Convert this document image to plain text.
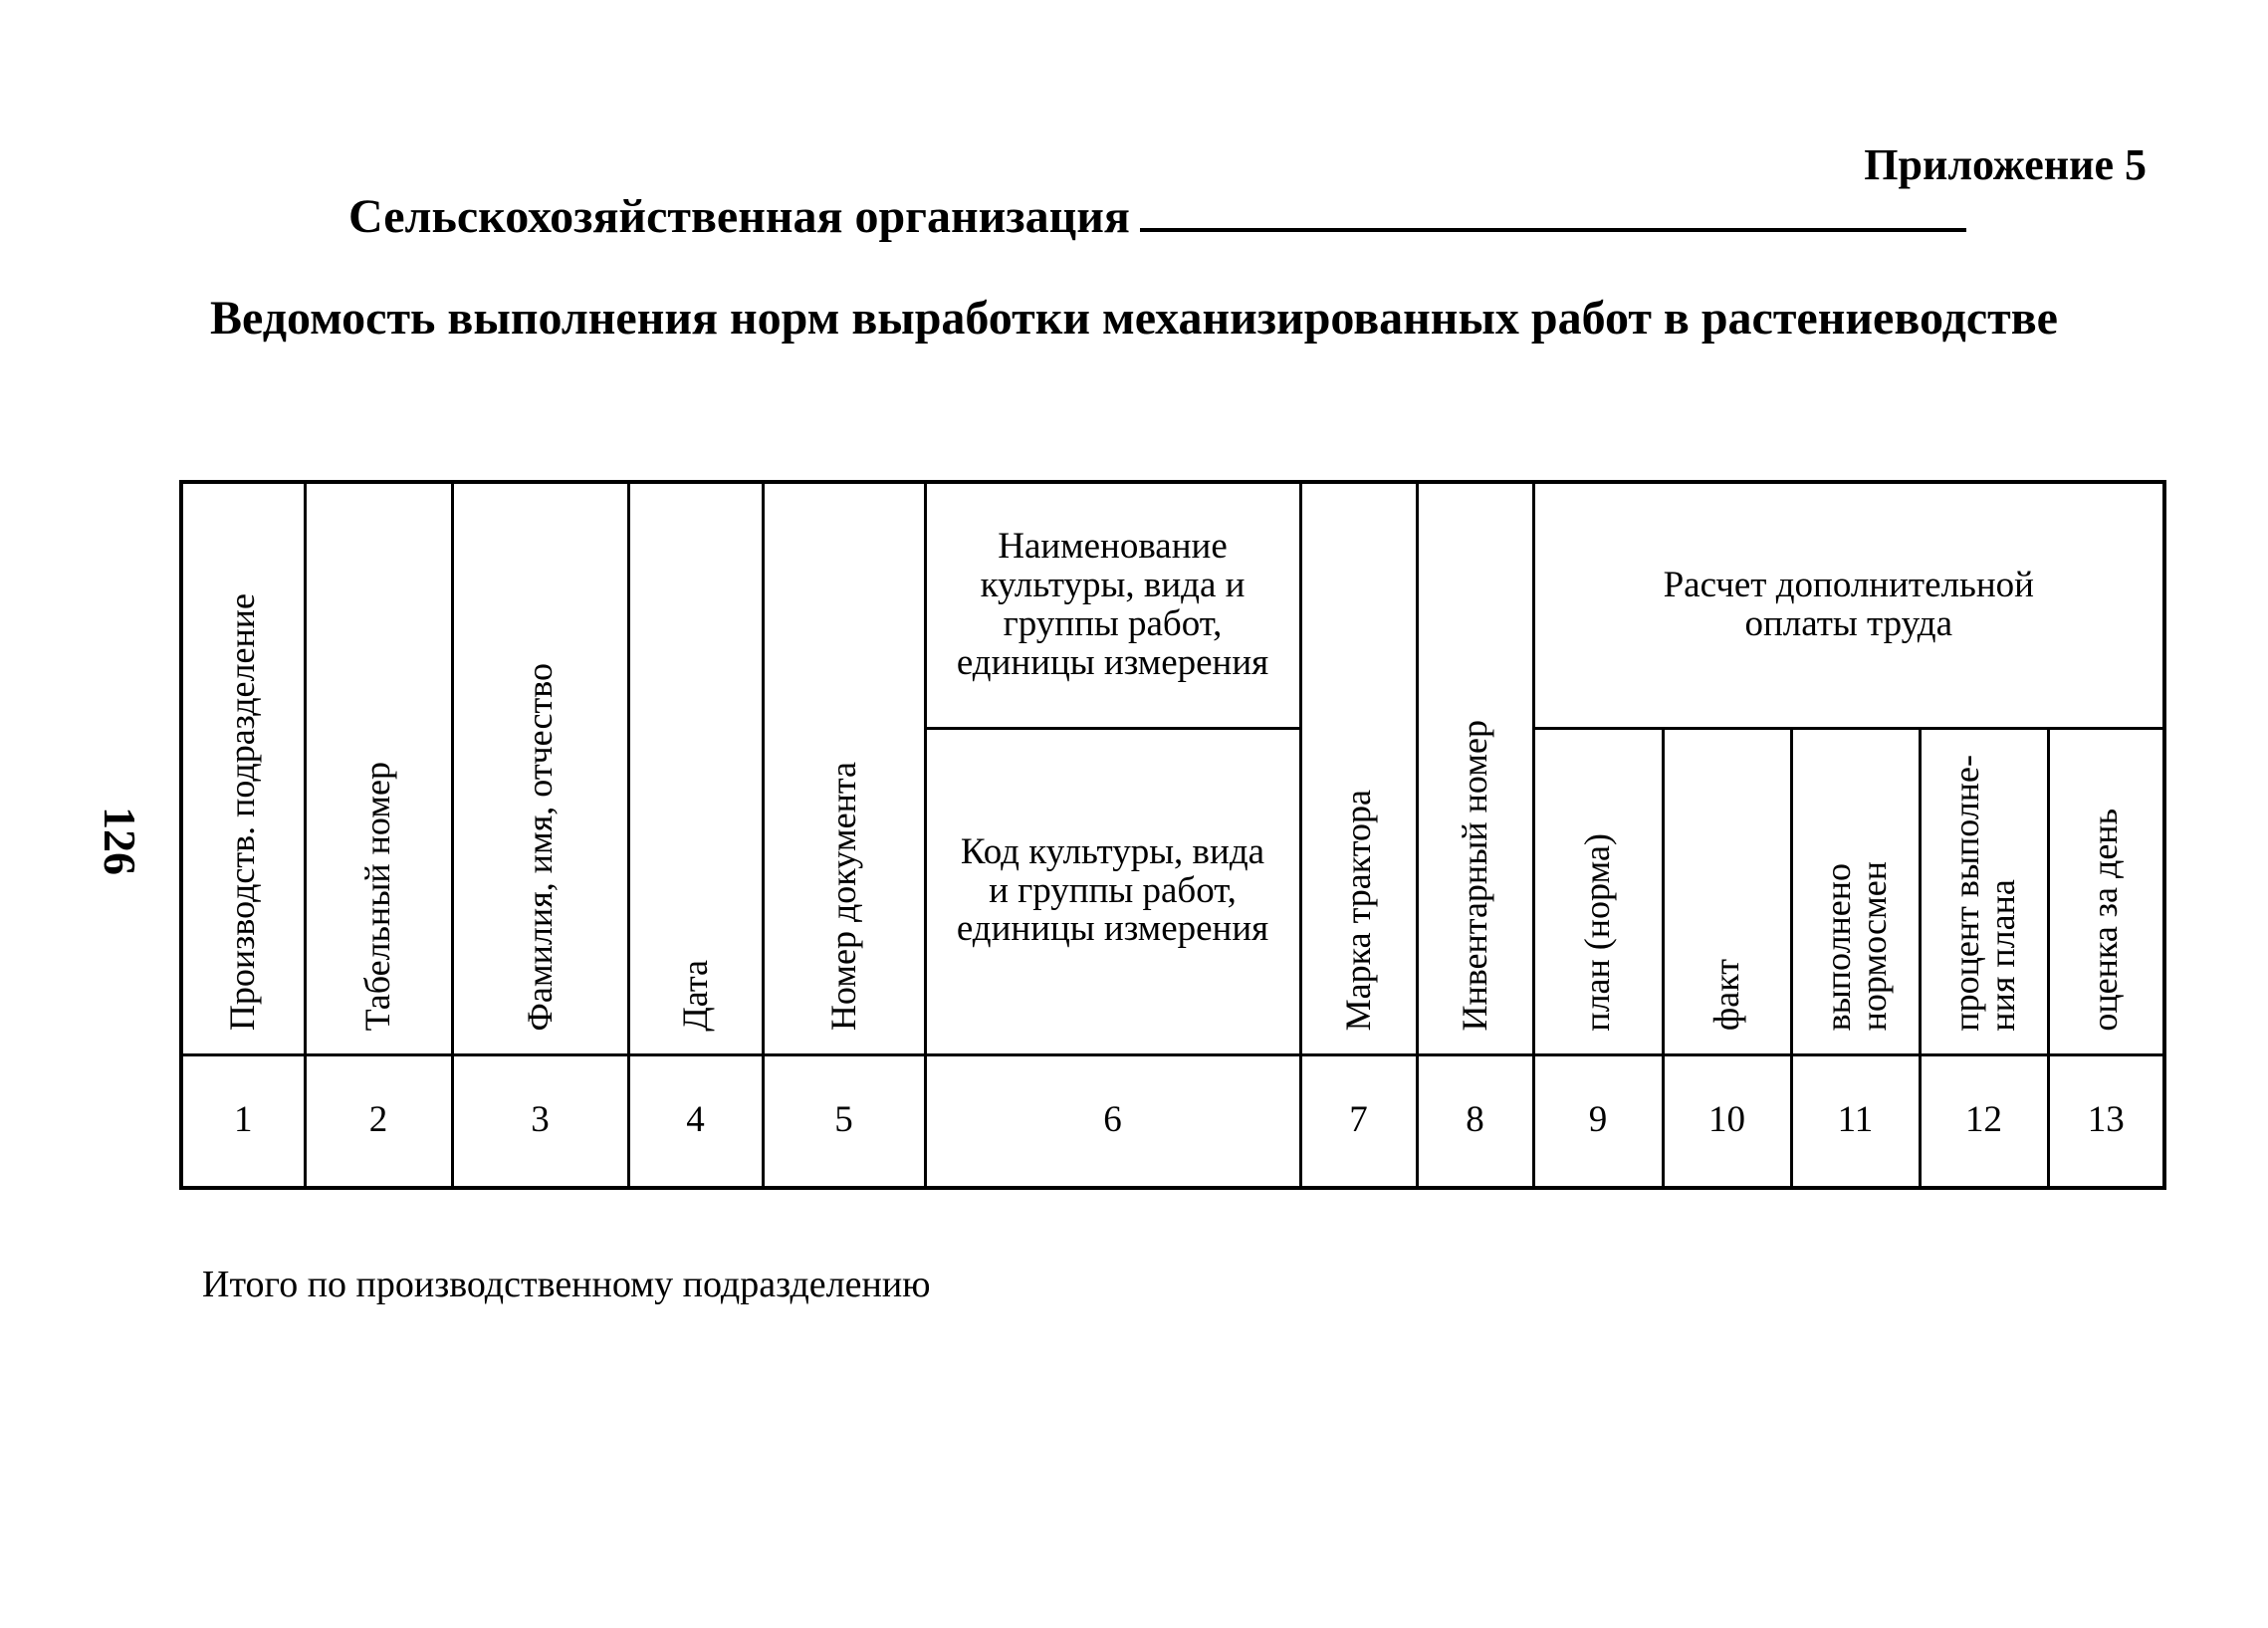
Приложение 5
Сельскохозяйственная организация
Ведомость выполнения норм выработки механизированных работ в растениеводстве
126 Производств. подразделение	Табельный номер	Фамилия, имя, отчество	Дата	Номер документа	Наименование
культуры, вида и
группы работ,
единицы измерения	Марка трактора	Инвентарный номер	Расчет дополнительной
оплаты труда				

					Код культуры, вида
и группы работ,
единицы измерения			план (норма)	факт	выполнено
нормосмен	процент выполне-
ния плана	оценка за день

1	2	3	4	5	6	7	8	9	10	11	12	13
Итого по производственному подразделению
